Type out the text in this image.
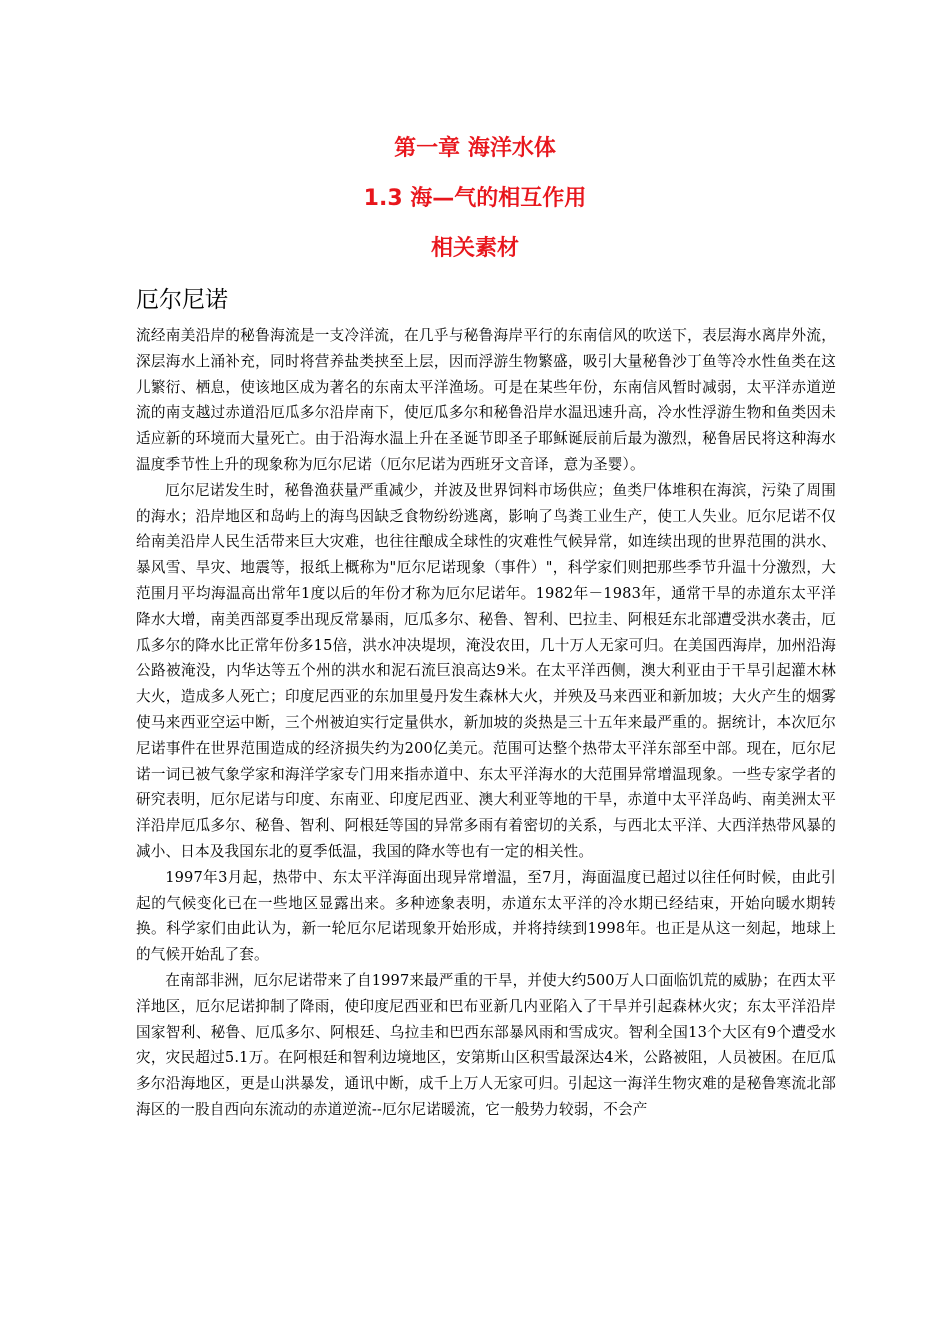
第一章 海洋水体
1.3 海—气的相互作用
相关素材
厄尔尼诺

流经南美沿岸的秘鲁海流是一支冷洋流，在几乎与秘鲁海岸平行的东南信风的吹送下，表层海水离岸外流，深层海水上涌补充，同时将营养盐类挟至上层，因而浮游生物繁盛，吸引大量秘鲁沙丁鱼等冷水性鱼类在这儿繁衍、栖息，使该地区成为著名的东南太平洋渔场。可是在某些年份，东南信风暂时减弱，太平洋赤道逆流的南支越过赤道沿厄瓜多尔沿岸南下，使厄瓜多尔和秘鲁沿岸水温迅速升高，冷水性浮游生物和鱼类因未适应新的环境而大量死亡。由于沿海水温上升在圣诞节即圣子耶稣诞辰前后最为激烈，秘鲁居民将这种海水温度季节性上升的现象称为厄尔尼诺（厄尔尼诺为西班牙文音译，意为圣婴）。

厄尔尼诺发生时，秘鲁渔获量严重减少，并波及世界饲料市场供应；鱼类尸体堆积在海滨，污染了周围的海水；沿岸地区和岛屿上的海鸟因缺乏食物纷纷逃离，影响了鸟粪工业生产，使工人失业。厄尔尼诺不仅给南美沿岸人民生活带来巨大灾难，也往往酿成全球性的灾难性气候异常，如连续出现的世界范围的洪水、暴风雪、旱灾、地震等，报纸上概称为"厄尔尼诺现象（事件）"，科学家们则把那些季节升温十分激烈，大范围月平均海温高出常年1度以后的年份才称为厄尔尼诺年。1982年－1983年，通常干旱的赤道东太平洋降水大增，南美西部夏季出现反常暴雨，厄瓜多尔、秘鲁、智利、巴拉圭、阿根廷东北部遭受洪水袭击，厄瓜多尔的降水比正常年份多15倍，洪水冲决堤坝，淹没农田，几十万人无家可归。在美国西海岸，加州沿海公路被淹没，内华达等五个州的洪水和泥石流巨浪高达9米。在太平洋西侧，澳大利亚由于干旱引起灌木林大火，造成多人死亡；印度尼西亚的东加里曼丹发生森林大火，并殃及马来西亚和新加坡；大火产生的烟雾使马来西亚空运中断，三个州被迫实行定量供水，新加坡的炎热是三十五年来最严重的。据统计，本次厄尔尼诺事件在世界范围造成的经济损失约为200亿美元。范围可达整个热带太平洋东部至中部。现在，厄尔尼诺一词已被气象学家和海洋学家专门用来指赤道中、东太平洋海水的大范围异常增温现象。一些专家学者的研究表明，厄尔尼诺与印度、东南亚、印度尼西亚、澳大利亚等地的干旱，赤道中太平洋岛屿、南美洲太平洋沿岸厄瓜多尔、秘鲁、智利、阿根廷等国的异常多雨有着密切的关系，与西北太平洋、大西洋热带风暴的减小、日本及我国东北的夏季低温，我国的降水等也有一定的相关性。

1997年3月起，热带中、东太平洋海面出现异常增温，至7月，海面温度已超过以往任何时候，由此引起的气候变化已在一些地区显露出来。多种迹象表明，赤道东太平洋的冷水期已经结束，开始向暖水期转换。科学家们由此认为，新一轮厄尔尼诺现象开始形成，并将持续到1998年。也正是从这一刻起，地球上的气候开始乱了套。

在南部非洲，厄尔尼诺带来了自1997来最严重的干旱，并使大约500万人口面临饥荒的威胁；在西太平洋地区，厄尔尼诺抑制了降雨，使印度尼西亚和巴布亚新几内亚陷入了干旱并引起森林火灾；东太平洋沿岸国家智利、秘鲁、厄瓜多尔、阿根廷、乌拉圭和巴西东部暴风雨和雪成灾。智利全国13个大区有9个遭受水灾，灾民超过5.1万。在阿根廷和智利边境地区，安第斯山区积雪最深达4米，公路被阻，人员被困。在厄瓜多尔沿海地区，更是山洪暴发，通讯中断，成千上万人无家可归。引起这一海洋生物灾难的是秘鲁寒流北部海区的一股自西向东流动的赤道逆流--厄尔尼诺暖流，它一般势力较弱，不会产
